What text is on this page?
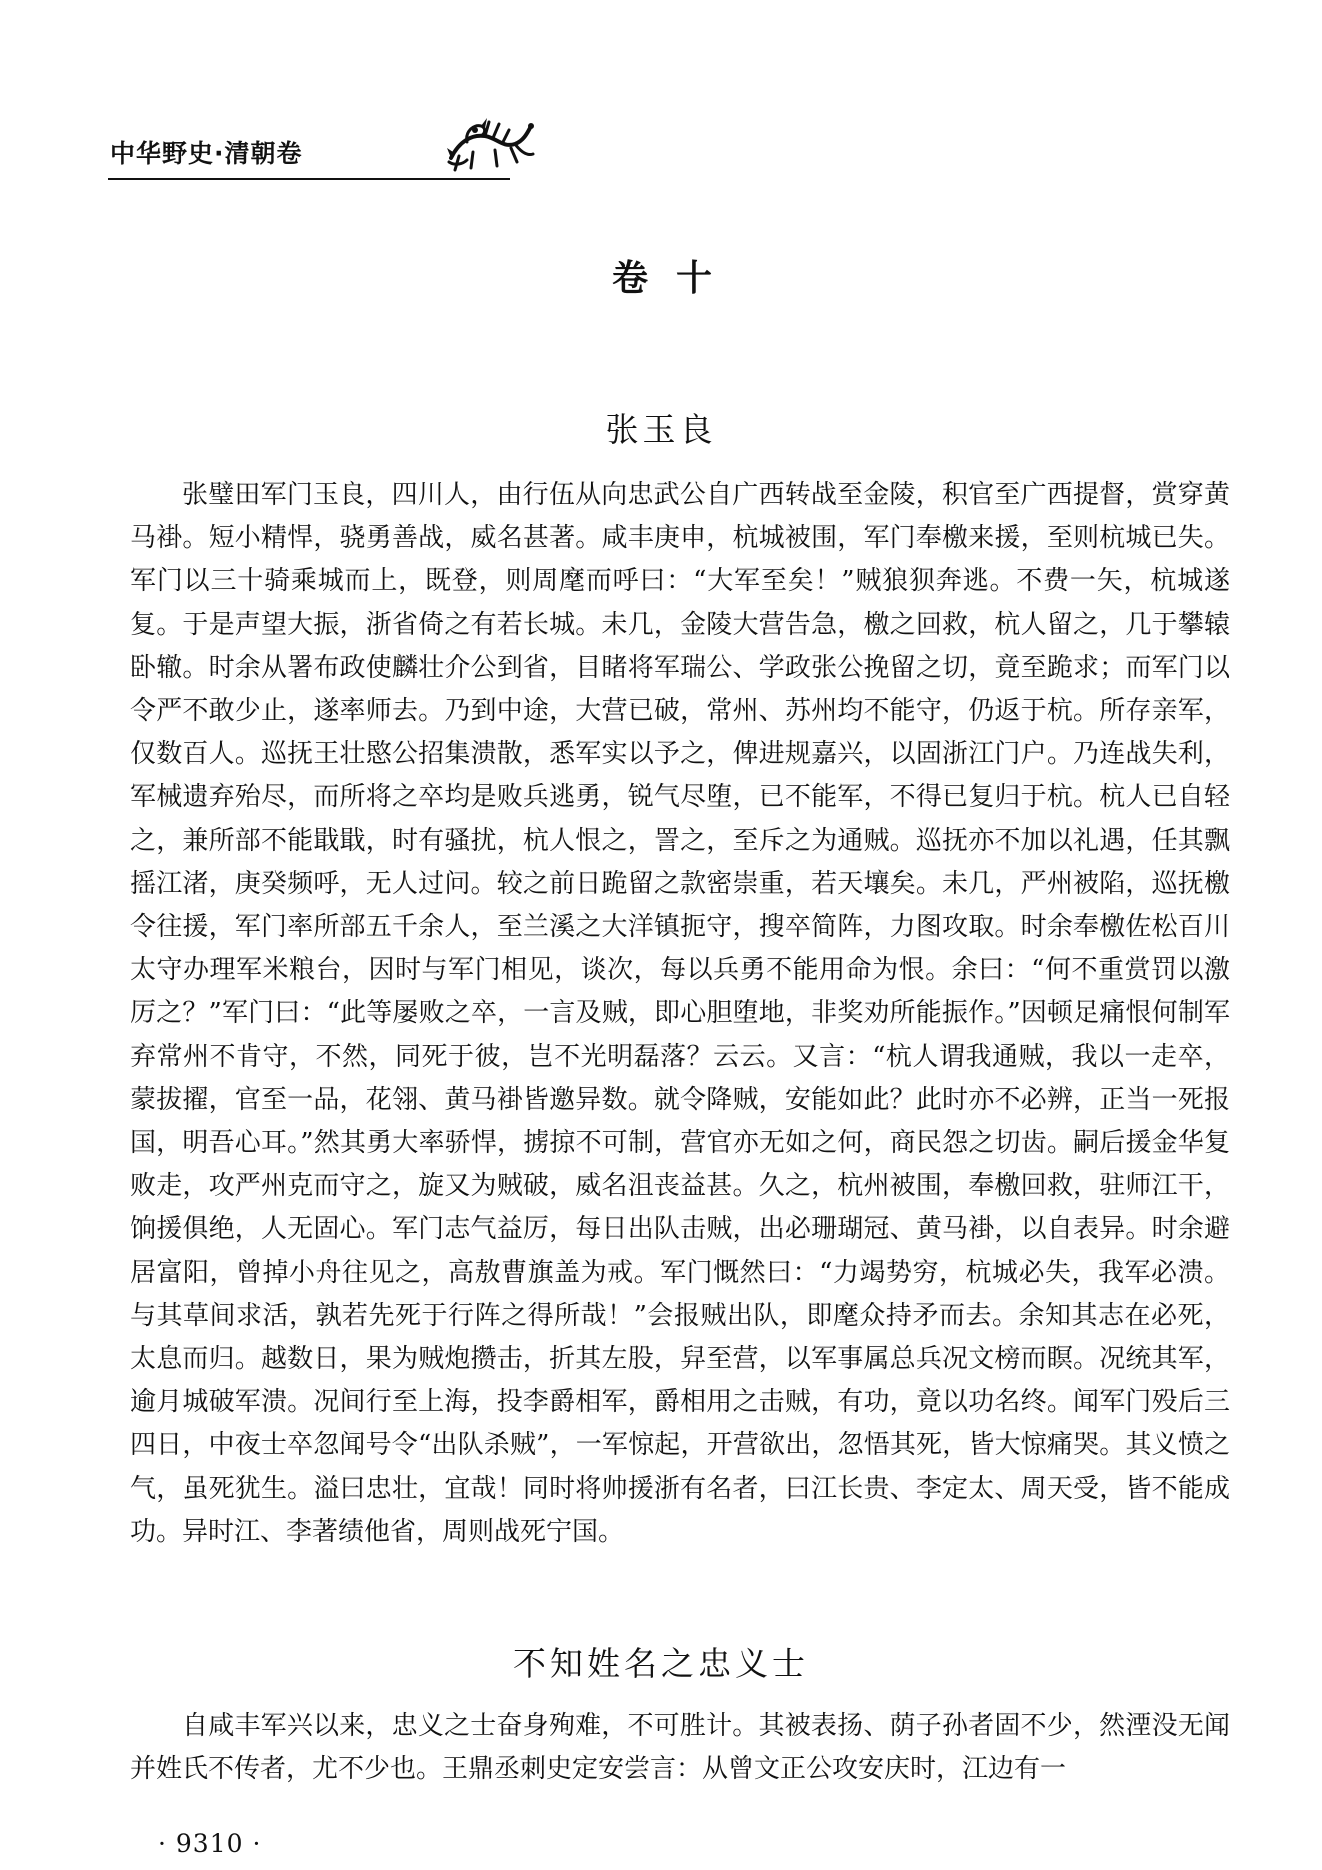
中华野史·清朝卷
卷十
张玉良

张璧田军门玉良，四川人，由行伍从向忠武公自广西转战至金陵，积官至广西提督，赏穿黄马褂。短小精悍，骁勇善战，威名甚著。咸丰庚申，杭城被围，军门奉檄来援，至则杭城已失。军门以三十骑乘城而上，既登，则周麾而呼曰：“大军至矣！”贼狼狈奔逃。不费一矢，杭城遂复。于是声望大振，浙省倚之有若长城。未几，金陵大营告急，檄之回救，杭人留之，几于攀辕卧辙。时余从署布政使麟壮介公到省，目睹将军瑞公、学政张公挽留之切，竟至跪求；而军门以令严不敢少止，遂率师去。乃到中途，大营已破，常州、苏州均不能守，仍返于杭。所存亲军，仅数百人。巡抚王壮愍公招集溃散，悉军实以予之，俾进规嘉兴，以固浙江门户。乃连战失利，军械遗弃殆尽，而所将之卒均是败兵逃勇，锐气尽堕，已不能军，不得已复归于杭。杭人已自轻之，兼所部不能戢戢，时有骚扰，杭人恨之，詈之，至斥之为通贼。巡抚亦不加以礼遇，任其飘摇江渚，庚癸频呼，无人过问。较之前日跪留之款密崇重，若天壤矣。未几，严州被陷，巡抚檄令往援，军门率所部五千余人，至兰溪之大洋镇扼守，搜卒简阵，力图攻取。时余奉檄佐松百川太守办理军米粮台，因时与军门相见，谈次，每以兵勇不能用命为恨。余曰：“何不重赏罚以激厉之？”军门曰：“此等屡败之卒，一言及贼，即心胆堕地，非奖劝所能振作。”因顿足痛恨何制军弃常州不肯守，不然，同死于彼，岂不光明磊落？云云。又言：“杭人谓我通贼，我以一走卒，蒙拔擢，官至一品，花翎、黄马褂皆邀异数。就令降贼，安能如此？此时亦不必辨，正当一死报国，明吾心耳。”然其勇大率骄悍，掳掠不可制，营官亦无如之何，商民怨之切齿。嗣后援金华复败走，攻严州克而守之，旋又为贼破，威名沮丧益甚。久之，杭州被围，奉檄回救，驻师江干，饷援俱绝，人无固心。军门志气益厉，每日出队击贼，出必珊瑚冠、黄马褂，以自表异。时余避居富阳，曾掉小舟往见之，高敖曹旗盖为戒。军门慨然曰：“力竭势穷，杭城必失，我军必溃。与其草间求活，孰若先死于行阵之得所哉！”会报贼出队，即麾众持矛而去。余知其志在必死，太息而归。越数日，果为贼炮攒击，折其左股，舁至营，以军事属总兵况文榜而瞑。况统其军，逾月城破军溃。况间行至上海，投李爵相军，爵相用之击贼，有功，竟以功名终。闻军门殁后三四日，中夜士卒忽闻号令“出队杀贼”，一军惊起，开营欲出，忽悟其死，皆大惊痛哭。其义愤之气，虽死犹生。溢曰忠壮，宜哉！同时将帅援浙有名者，曰江长贵、李定太、周天受，皆不能成功。异时江、李著绩他省，周则战死宁国。

不知姓名之忠义士

自咸丰军兴以来，忠义之士奋身殉难，不可胜计。其被表扬、荫子孙者固不少，然湮没无闻并姓氏不传者，尤不少也。王鼎丞刺史定安尝言：从曾文正公攻安庆时，江边有一

· 9310 ·
